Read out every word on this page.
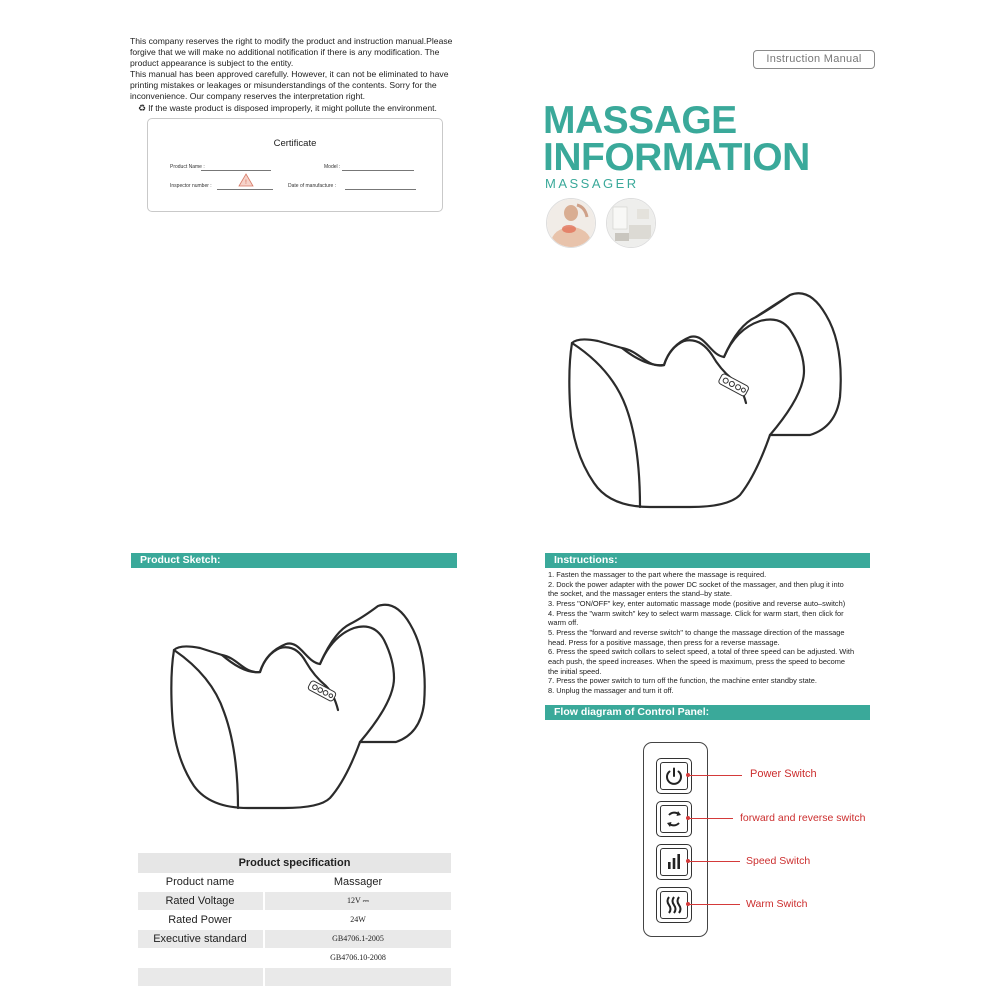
This company reserves the right to modify the product and instruction manual.Please

forgive that we will make no additional notification if there is any modification. The

product appearance is subject to the entity.

This manual has been approved carefully. However, it can not be eliminated to have

printing mistakes or leakages or misunderstandings of the contents. Sorry for the

inconvenience. Our company reserves the interpretation right.

♻ If the waste product is disposed improperly, it might pollute the environment.

Certificate
Product Name :	Model :
Inspector number :	Date of manufacture :
!
Instruction Manual
MASSAGE
INFORMATION
MASSAGER
Product Sketch:
Product specification
Product name	Massager
Rated Voltage	12V ⎓
Rated Power	24W
Executive standard	GB4706.1-2005
GB4706.10-2008
Instructions:
1. Fasten the massager to the part where the massage is required.
2. Dock the power adapter with the power DC socket of the massager, and then plug it into
the socket, and the massager enters the stand–by state.
3. Press "ON/OFF" key, enter automatic massage mode (positive and reverse auto–switch)
4. Press the "warm switch" key to select warm massage. Click for warm start, then click for
warm off.
5. Press the "forward and reverse switch" to change the massage direction of the massage
head. Press for a positive massage, then press for a reverse massage.
6. Press the speed switch collars to select speed, a total of three speed can be adjusted. With
each push, the speed increases. When the speed is maximum, press the speed to become
the initial speed.
7. Press the power switch to turn off the function, the machine enter standby state.
8. Unplug the massager and turn it off.
Flow diagram of Control Panel:
Power Switch
forward and reverse switch
Speed Switch
Warm Switch
